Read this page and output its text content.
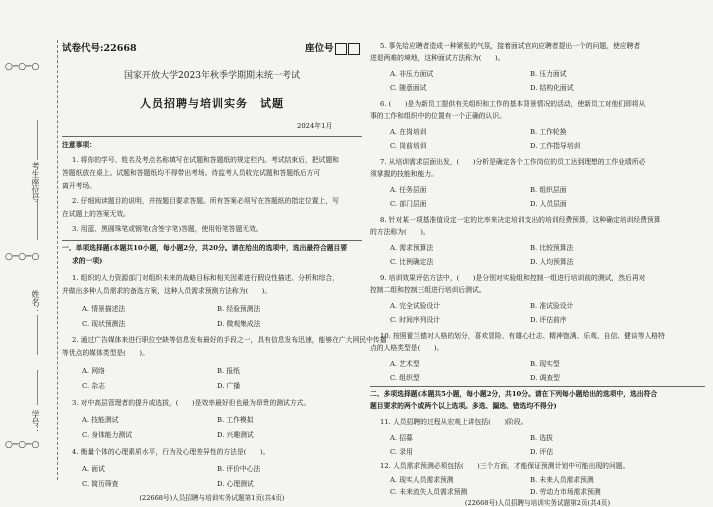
○─○─○
○─○─○
○─○─○
考生座位号：
姓名：
学号：
试卷代号:22668	座位号
国家开放大学2023年秋季学期期末统一考试
人员招聘与培训实务　试题
2024年1月
注意事项：
1. 将你的学号、姓名及考点名称填写在试题和答题纸的规定栏内。考试结束后，把试题和
答题纸放在桌上。试题和答题纸均不得带出考场。待监考人员收完试题和答题纸后方可
离开考场。
2. 仔细阅读题目的说明，并按题目要求答题。所有答案必须写在答题纸的指定位置上，写
在试题上的答案无效。
3. 用蓝、黑圆珠笔或钢笔(含签字笔)答题，使用铅笔答题无效。
一、单项选择题(本题共10小题，每小题2分，共20分。请在给出的选项中，选出最符合题目要
求的一项)
1. 组织的人力资源部门对组织未来的战略目标和相关因素进行假设性描述、分析和综合，
并做出多种人员需求的备选方案，这种人员需求预测方法称为(　　)。
A. 情景描述法	B. 经验预测法
C. 现状预测法	D. 微观集成法
2. 通过广告媒体来进行职位空缺等信息发布最好的手段之一，具有信息发布迅速，能够在广大网民中传播
等优点的媒体类型是(　　)。
A. 网络	B. 报纸
C. 杂志	D. 广播
3. 对中高层管理者的提升或选拔，(　　)是效率最好但也最为昂贵的测试方式。
A. 技能测试	B. 工作模拟
C. 身体能力测试	D. 兴趣测试
4. 衡量个体的心理素质水平，行为及心理差异性的方法是(　　)。
A. 面试	B. 评价中心法
C. 简历筛查	D. 心理测试
(22668号)人员招聘与培训实务试题第1页(共4页)
5. 事先给应聘者造成一种紧张的气氛，接着面试官向应聘者提出一个的问题，使应聘者
进退两难的境地，这种面试方法称为(　　)。
A. 非压力面试	B. 压力面试
C. 随意面试	D. 结构化面试
6. (　　)是为新员工提供有关组织和工作的基本背景情况的活动，使新员工对他们即将从
事的工作和组织中的位置有一个正确的认识。
A. 在岗培训	B. 工作轮换
C. 岗前培训	D. 工作指导培训
7. 从培训需求层面出发，(　　)分析是确定各个工作岗位的员工达到理想的工作业绩所必
须掌握的技能和能力。
A. 任务层面	B. 组织层面
C. 部门层面	D. 人员层面
8. 针对某一项基准值设定一定的比率来决定培训支出的培训经费预算，这种确定培训经费预算
的方法称为(　　)。
A. 需求预算法	B. 比较预算法
C. 比例确定法	D. 人均预算法
9. 培训效果评估方法中，(　　)是分别对实验组和控制一组进行培训前的测试，然后再对
控制二组和控制三组进行培训后测试。
A. 完全试验设计	B. 准试验设计
C. 时间序列设计	D. 评估前序
10. 按照霍兰德对人格的划分，喜欢冒险、有雄心壮志、精神饱满、乐观、自信、健谈等人格特
点的人格类型是(　　)。
A. 艺术型	B. 现实型
C. 组织型	D. 调查型
二、多项选择题(本题共5小题，每小题2分，共10分。请在下列每小题给出的选项中，选出符合
题目要求的两个或两个以上选项。多选、漏选、错选均不得分)
11. 人员招聘的过程从宏观上讲包括(　　)阶段。
A. 招募	B. 选拔
C. 录用	D. 评估
12. 人员需求预测必须包括(　　)三个方面，才能保证预测计划中可能出现的问题。
A. 现实人员需求预测	B. 未来人员需求预测
C. 未来流失人员需求预测	D. 劳动力市场需求预测
(22668号)人员招聘与培训实务试题第2页(共4页)
